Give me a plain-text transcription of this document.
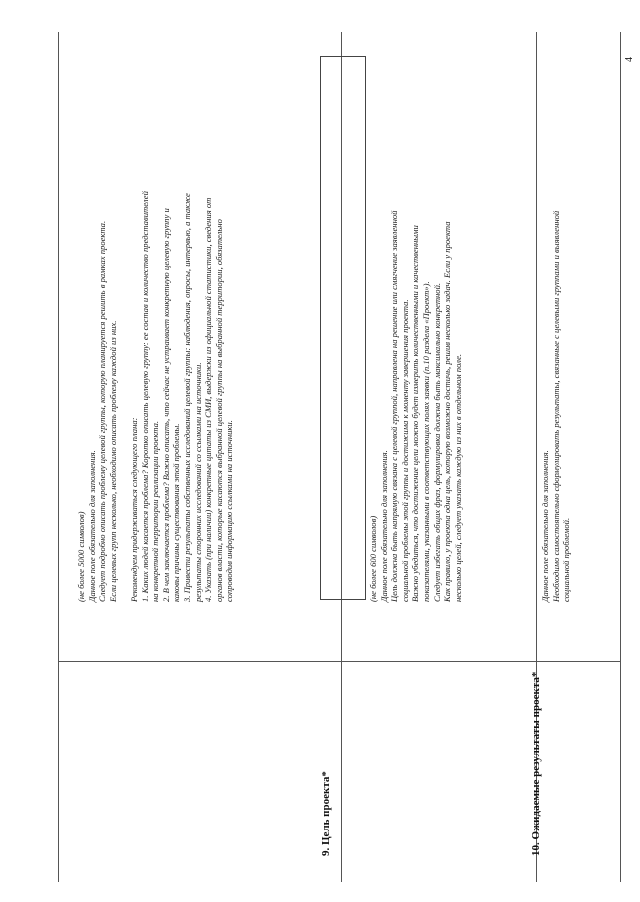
(не более 5000 символов) Данное поле обязательно для заполнения. Следует подробно описать проблему целевой группы, которую планируется решить в рамках проекта. Если целевых групп несколько, необходимо описать проблему каждой из них.
Рекомендуем придерживаться следующего плана: 1. Каких людей касается проблема? Коротко описать целевую группу: ее состав и количество представителей на конкретной территории реализации проекта. 2. В чем заключается проблема? Важно описать, что сейчас не устраивает конкретную целевую группу и каковы причины существования этой проблемы. 3. Привести результаты собственных исследований целевой группы: наблюдения, опросы, интервью, а также результаты сторонних исследований со ссылками на источники. 4. Указать (при наличии) конкретные цитаты из СМИ, выдержки из официальной статистики, сведения от органов власти, которые касаются выбранной целевой группы на выбранной территории, обязательно сопроводив информацию ссылками на источники.
9. Цель проекта*
(не более 600 символов) Данное поле обязательно для заполнения. Цель должна быть напрямую связана с целевой группой, направлена на решение или смягчение заявленной социальной проблемы этой группы и достижима к моменту завершения проекта. Важно убедиться, что достижение цели можно будет измерить количественными и качественными показателями, указанными в соответствующих полях заявки (п.10 раздела «Проект»). Следует избегать общих фраз, формулировка должна быть максимально конкретной. Как правило, у проекта одна цель, которую возможно достичь, решив несколько задач. Если у проекта несколько целей, следует указать каждую из них в отдельном поле.
10. Ожидаемые результаты проекта*
Данное поле обязательно для заполнения. Необходимо самостоятельно сформулировать результаты, связанные с целевыми группами и выявленной социальной проблемой.
4
